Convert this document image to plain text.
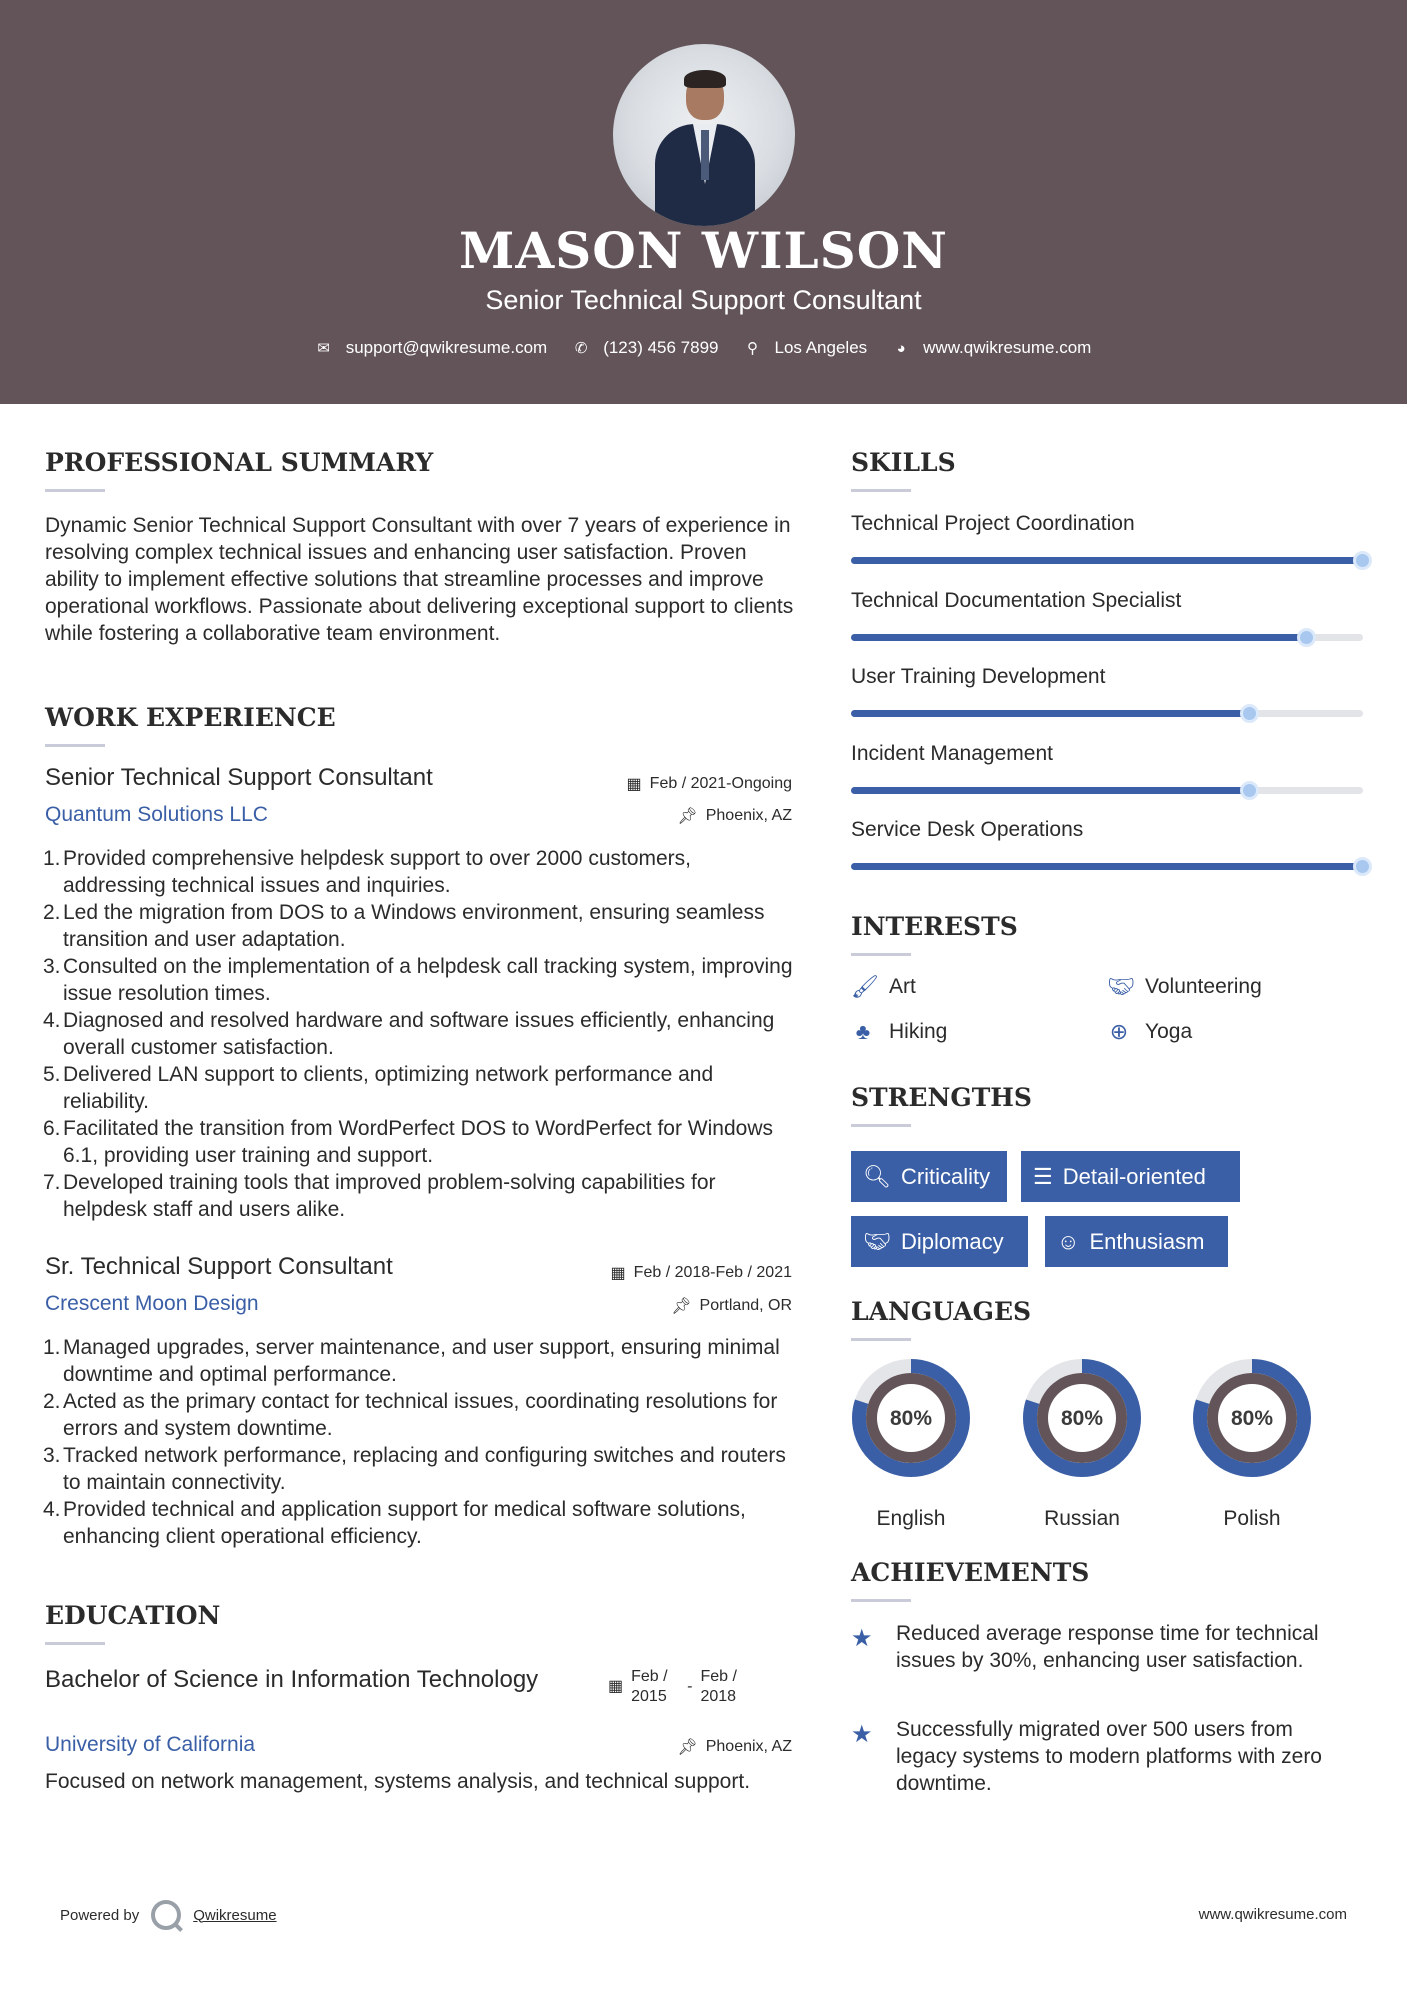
MASON WILSON
Senior Technical Support Consultant
✉ support@qwikresume.com ✆ (123) 456 7899 ⚲ Los Angeles ◕ www.qwikresume.com
PROFESSIONAL SUMMARY
Dynamic Senior Technical Support Consultant with over 7 years of experience in resolving complex technical issues and enhancing user satisfaction. Proven ability to implement effective solutions that streamline processes and improve operational workflows. Passionate about delivering exceptional support to clients while fostering a collaborative team environment.
WORK EXPERIENCE
Senior Technical Support Consultant	▦ Feb / 2021-Ongoing
Quantum Solutions LLC	📌︎ Phoenix, AZ
1. Provided comprehensive helpdesk support to over 2000 customers, addressing technical issues and inquiries.
2. Led the migration from DOS to a Windows environment, ensuring seamless transition and user adaptation.
3. Consulted on the implementation of a helpdesk call tracking system, improving issue resolution times.
4. Diagnosed and resolved hardware and software issues efficiently, enhancing overall customer satisfaction.
5. Delivered LAN support to clients, optimizing network performance and reliability.
6. Facilitated the transition from WordPerfect DOS to WordPerfect for Windows 6.1, providing user training and support.
7. Developed training tools that improved problem-solving capabilities for helpdesk staff and users alike.
Sr. Technical Support Consultant	▦ Feb / 2018-Feb / 2021
Crescent Moon Design	📌︎ Portland, OR
1. Managed upgrades, server maintenance, and user support, ensuring minimal downtime and optimal performance.
2. Acted as the primary contact for technical issues, coordinating resolutions for errors and system downtime.
3. Tracked network performance, replacing and configuring switches and routers to maintain connectivity.
4. Provided technical and application support for medical software solutions, enhancing client operational efficiency.
EDUCATION
Bachelor of Science in Information Technology	▦
Feb / 2015
-
Feb / 2018
University of California	📌︎ Phoenix, AZ
Focused on network management, systems analysis, and technical support.
SKILLS
Technical Project Coordination
Technical Documentation Specialist
User Training Development
Incident Management
Service Desk Operations
INTERESTS
🖌︎ Art	🤝︎ Volunteering
♣ Hiking	⊕ Yoga
STRENGTHS
🔍︎ Criticality ☰ Detail-oriented
🤝︎ Diplomacy ☺ Enthusiasm
LANGUAGES
80%
English
80%
Russian
80%
Polish
ACHIEVEMENTS
★ Reduced average response time for technical issues by 30%, enhancing user satisfaction.
★ Successfully migrated over 500 users from legacy systems to modern platforms with zero downtime.
Powered by	Qwikresume	www.qwikresume.com
